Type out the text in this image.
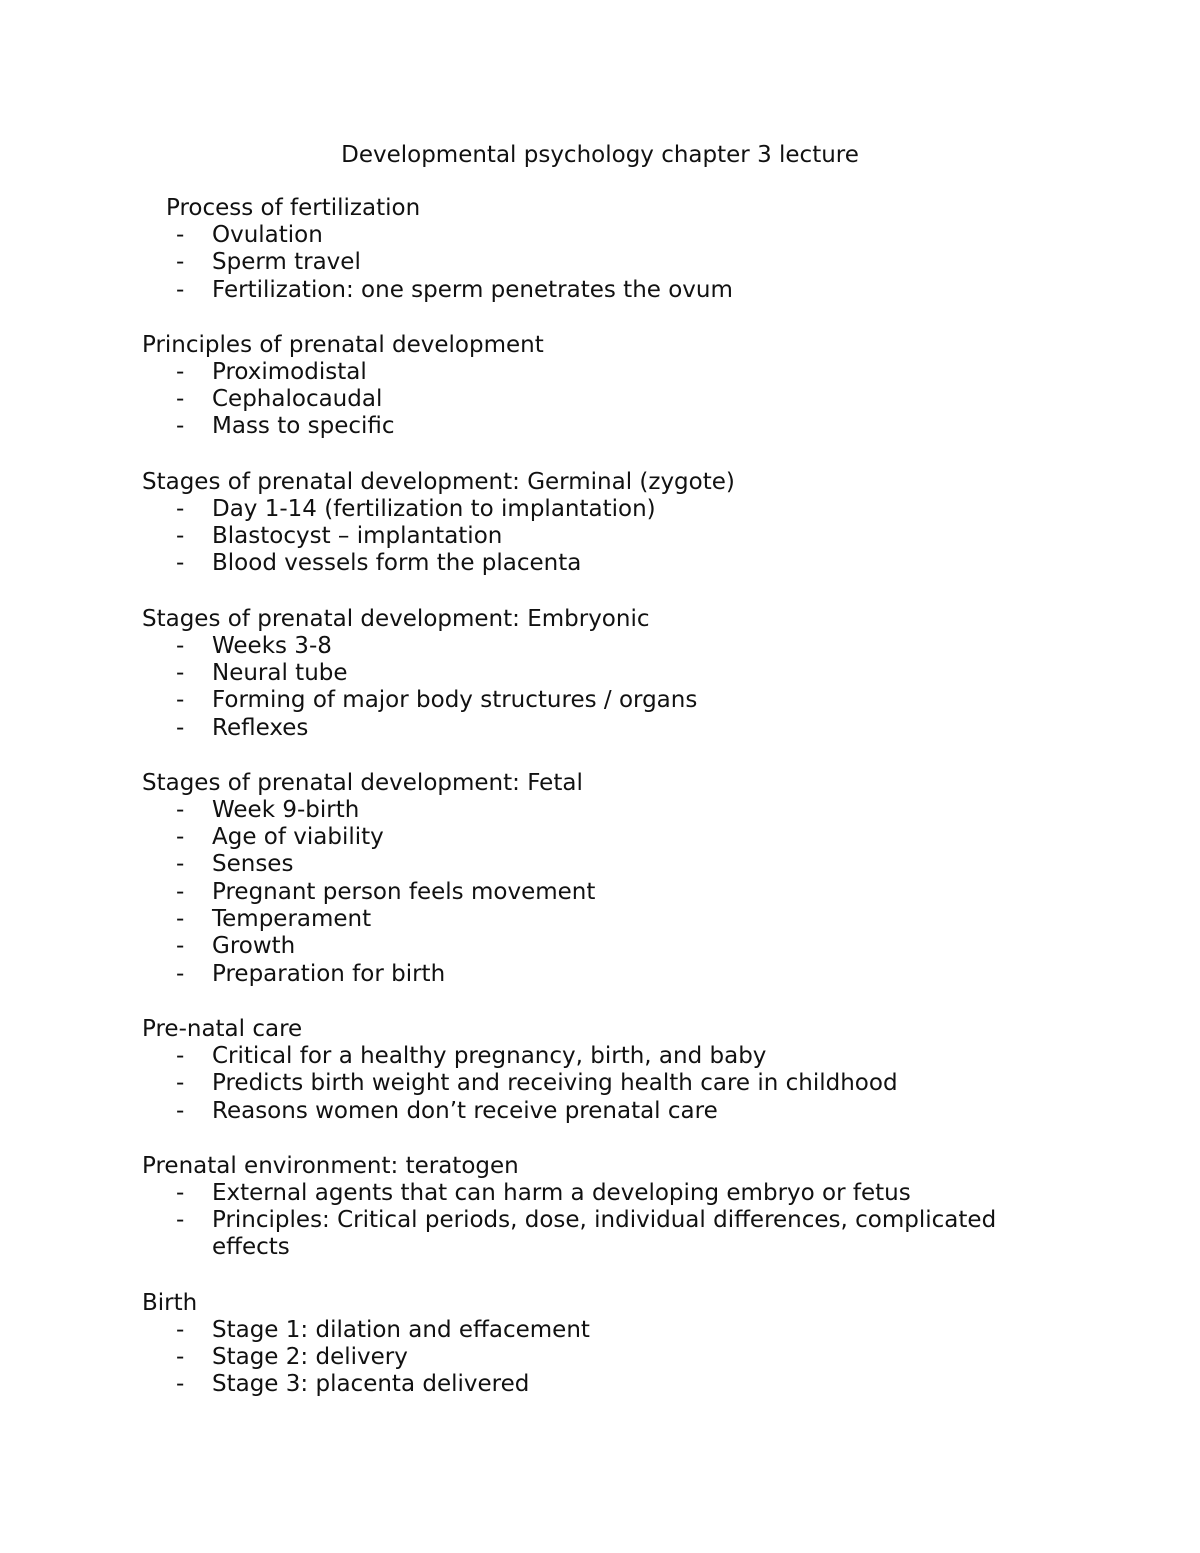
Developmental psychology chapter 3 lecture
Process of fertilization
- Ovulation
- Sperm travel
- Fertilization: one sperm penetrates the ovum
Principles of prenatal development
- Proximodistal
- Cephalocaudal
- Mass to specific
Stages of prenatal development: Germinal (zygote)
- Day 1-14 (fertilization to implantation)
- Blastocyst – implantation
- Blood vessels form the placenta
Stages of prenatal development: Embryonic
- Weeks 3-8
- Neural tube
- Forming of major body structures / organs
- Reflexes
Stages of prenatal development: Fetal
- Week 9-birth
- Age of viability
- Senses
- Pregnant person feels movement
- Temperament
- Growth
- Preparation for birth
Pre-natal care
- Critical for a healthy pregnancy, birth, and baby
- Predicts birth weight and receiving health care in childhood
- Reasons women don’t receive prenatal care
Prenatal environment: teratogen
- External agents that can harm a developing embryo or fetus
- Principles: Critical periods, dose, individual differences, complicated effects
Birth
- Stage 1: dilation and effacement
- Stage 2: delivery
- Stage 3: placenta delivered
